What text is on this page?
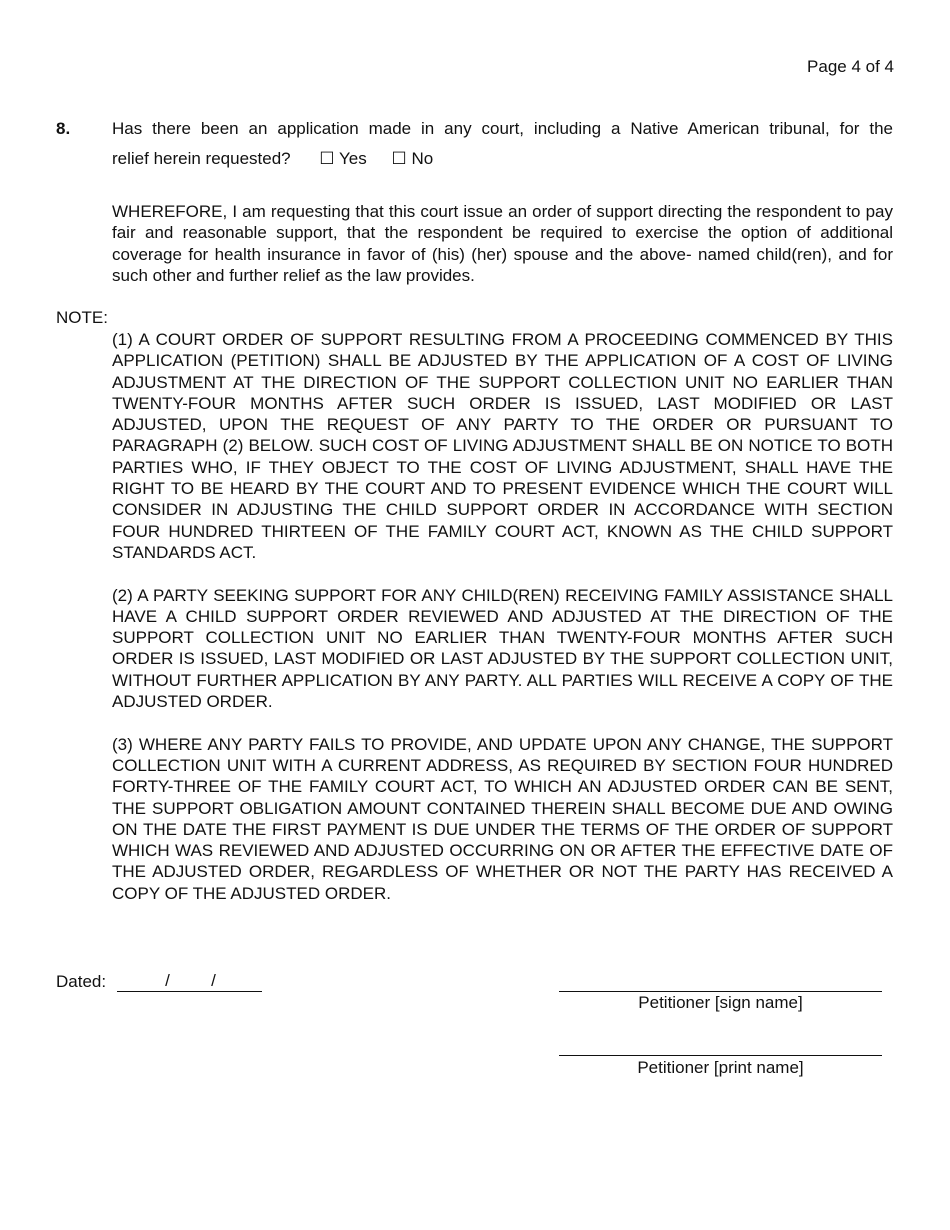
Page 4 of 4
8. Has there been an application made in any court, including a Native American tribunal, for the
relief herein requested? ☐ Yes ☐ No

WHEREFORE, I am requesting that this court issue an order of support directing the respondent to pay fair and reasonable support, that the respondent be required to exercise the option of additional coverage for health insurance in favor of (his) (her) spouse and the above- named child(ren), and for such other and further relief as the law provides.

NOTE:

(1) A COURT ORDER OF SUPPORT RESULTING FROM A PROCEEDING COMMENCED BY THIS APPLICATION (PETITION) SHALL BE ADJUSTED BY THE APPLICATION OF A COST OF LIVING ADJUSTMENT AT THE DIRECTION OF THE SUPPORT COLLECTION UNIT NO EARLIER THAN TWENTY-FOUR MONTHS AFTER SUCH ORDER IS ISSUED, LAST MODIFIED OR LAST ADJUSTED, UPON THE REQUEST OF ANY PARTY TO THE ORDER OR PURSUANT TO PARAGRAPH (2) BELOW. SUCH COST OF LIVING ADJUSTMENT SHALL BE ON NOTICE TO BOTH PARTIES WHO, IF THEY OBJECT TO THE COST OF LIVING ADJUSTMENT, SHALL HAVE THE RIGHT TO BE HEARD BY THE COURT AND TO PRESENT EVIDENCE WHICH THE COURT WILL CONSIDER IN ADJUSTING THE CHILD SUPPORT ORDER IN ACCORDANCE WITH SECTION FOUR HUNDRED THIRTEEN OF THE FAMILY COURT ACT, KNOWN AS THE CHILD SUPPORT STANDARDS ACT.

(2) A PARTY SEEKING SUPPORT FOR ANY CHILD(REN) RECEIVING FAMILY ASSISTANCE SHALL HAVE A CHILD SUPPORT ORDER REVIEWED AND ADJUSTED AT THE DIRECTION OF THE SUPPORT COLLECTION UNIT NO EARLIER THAN TWENTY-FOUR MONTHS AFTER SUCH ORDER IS ISSUED, LAST MODIFIED OR LAST ADJUSTED BY THE SUPPORT COLLECTION UNIT, WITHOUT FURTHER APPLICATION BY ANY PARTY. ALL PARTIES WILL RECEIVE A COPY OF THE ADJUSTED ORDER.

(3) WHERE ANY PARTY FAILS TO PROVIDE, AND UPDATE UPON ANY CHANGE, THE SUPPORT COLLECTION UNIT WITH A CURRENT ADDRESS, AS REQUIRED BY SECTION FOUR HUNDRED FORTY-THREE OF THE FAMILY COURT ACT, TO WHICH AN ADJUSTED ORDER CAN BE SENT, THE SUPPORT OBLIGATION AMOUNT CONTAINED THEREIN SHALL BECOME DUE AND OWING ON THE DATE THE FIRST PAYMENT IS DUE UNDER THE TERMS OF THE ORDER OF SUPPORT WHICH WAS REVIEWED AND ADJUSTED OCCURRING ON OR AFTER THE EFFECTIVE DATE OF THE ADJUSTED ORDER, REGARDLESS OF WHETHER OR NOT THE PARTY HAS RECEIVED A COPY OF THE ADJUSTED ORDER.

Dated:	/	/
Petitioner [sign name]
Petitioner [print name]
